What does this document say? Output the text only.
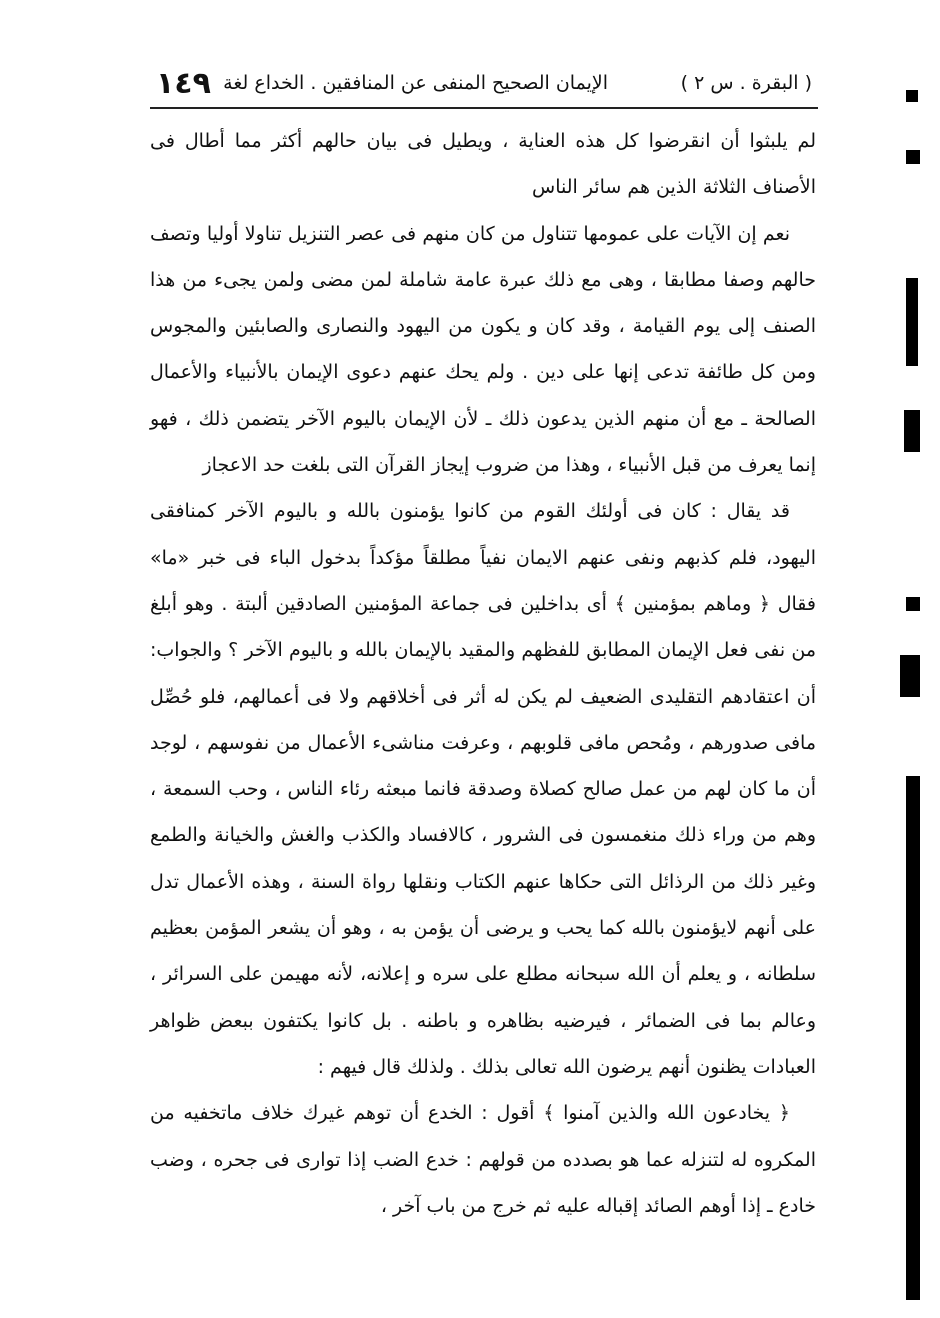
( البقرة . س ٢ )
الإيمان الصحيح المنفى عن المنافقين . الخداع لغة
١٤٩

لم يلبثوا أن انقرضوا كل هذه العناية ، ويطيل فى بيان حالهم أكثر مما أطال فى الأصناف الثلاثة الذين هم سائر الناس

نعم إن الآيات على عمومها تتناول من كان منهم فى عصر التنزيل تناولا أوليا وتصف حالهم وصفا مطابقا ، وهى مع ذلك عبرة عامة شاملة لمن مضى ولمن يجىء من هذا الصنف إلى يوم القيامة ، وقد كان و يكون من اليهود والنصارى والصابئين والمجوس ومن كل طائفة تدعى إنها على دين . ولم يحك عنهم دعوى الإيمان بالأنبياء والأعمال الصالحة ـ مع أن منهم الذين يدعون ذلك ـ لأن الإيمان باليوم الآخر يتضمن ذلك ، فهو إنما يعرف من قبل الأنبياء ، وهذا من ضروب إيجاز القرآن التى بلغت حد الاعجاز

قد يقال : كان فى أولئك القوم من كانوا يؤمنون بالله و باليوم الآخر كمنافقى اليهود، فلم كذبهم ونفى عنهم الايمان نفياً مطلقاً مؤكداً بدخول الباء فى خبر «ما» فقال ﴿ وماهم بمؤمنين ﴾ أى بداخلين فى جماعة المؤمنين الصادقين ألبتة . وهو أبلغ من نفى فعل الإيمان المطابق للفظهم والمقيد بالإيمان بالله و باليوم الآخر ؟ والجواب: أن اعتقادهم التقليدى الضعيف لم يكن له أثر فى أخلاقهم ولا فى أعمالهم، فلو حُصِّل مافى صدورهم ، ومُحص مافى قلوبهم ، وعرفت مناشىء الأعمال من نفوسهم ، لوجد أن ما كان لهم من عمل صالح كصلاة وصدقة فانما مبعثه رئاء الناس ، وحب السمعة ، وهم من وراء ذلك منغمسون فى الشرور ، كالافساد والكذب والغش والخيانة والطمع وغير ذلك من الرذائل التى حكاها عنهم الكتاب ونقلها رواة السنة ، وهذه الأعمال تدل على أنهم لايؤمنون بالله كما يحب و يرضى أن يؤمن به ، وهو أن يشعر المؤمن بعظيم سلطانه ، و يعلم أن الله سبحانه مطلع على سره و إعلانه، لأنه مهيمن على السرائر ، وعالم بما فى الضمائر ، فيرضيه بظاهره و باطنه . بل كانوا يكتفون ببعض ظواهر العبادات يظنون أنهم يرضون الله تعالى بذلك . ولذلك قال فيهم :

﴿ يخادعون الله والذين آمنوا ﴾ أقول : الخدع أن توهم غيرك خلاف ماتخفيه من المكروه له لتنزله عما هو بصدده من قولهم : خدع الضب إذا توارى فى جحره ، وضب خادع ـ إذا أوهم الصائد إقباله عليه ثم خرج من باب آخر ،
